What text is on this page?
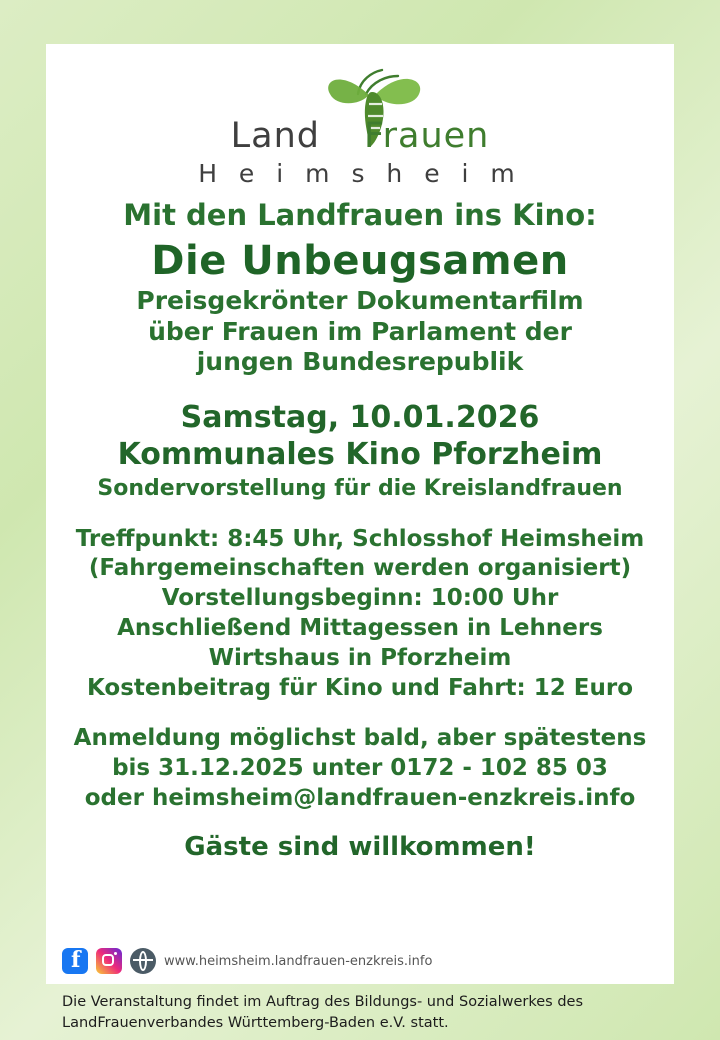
Land Frauen
H e i m s h e i m
Mit den Landfrauen ins Kino:
Die Unbeugsamen
Preisgekrönter Dokumentarfilm
über Frauen im Parlament der
jungen Bundesrepublik
Samstag, 10.01.2026
Kommunales Kino Pforzheim
Sondervorstellung für die Kreislandfrauen
Treffpunkt: 8:45 Uhr, Schlosshof Heimsheim
(Fahrgemeinschaften werden organisiert)
Vorstellungsbeginn: 10:00 Uhr
Anschließend Mittagessen in Lehners
Wirtshaus in Pforzheim
Kostenbeitrag für Kino und Fahrt: 12 Euro
Anmeldung möglichst bald, aber spätestens
bis 31.12.2025 unter 0172 - 102 85 03
oder heimsheim@landfrauen-enzkreis.info
Gäste sind willkommen!
f
www.heimsheim.landfrauen-enzkreis.info
Die Veranstaltung findet im Auftrag des Bildungs- und Sozialwerkes des
LandFrauenverbandes Württemberg-Baden e.V. statt.
